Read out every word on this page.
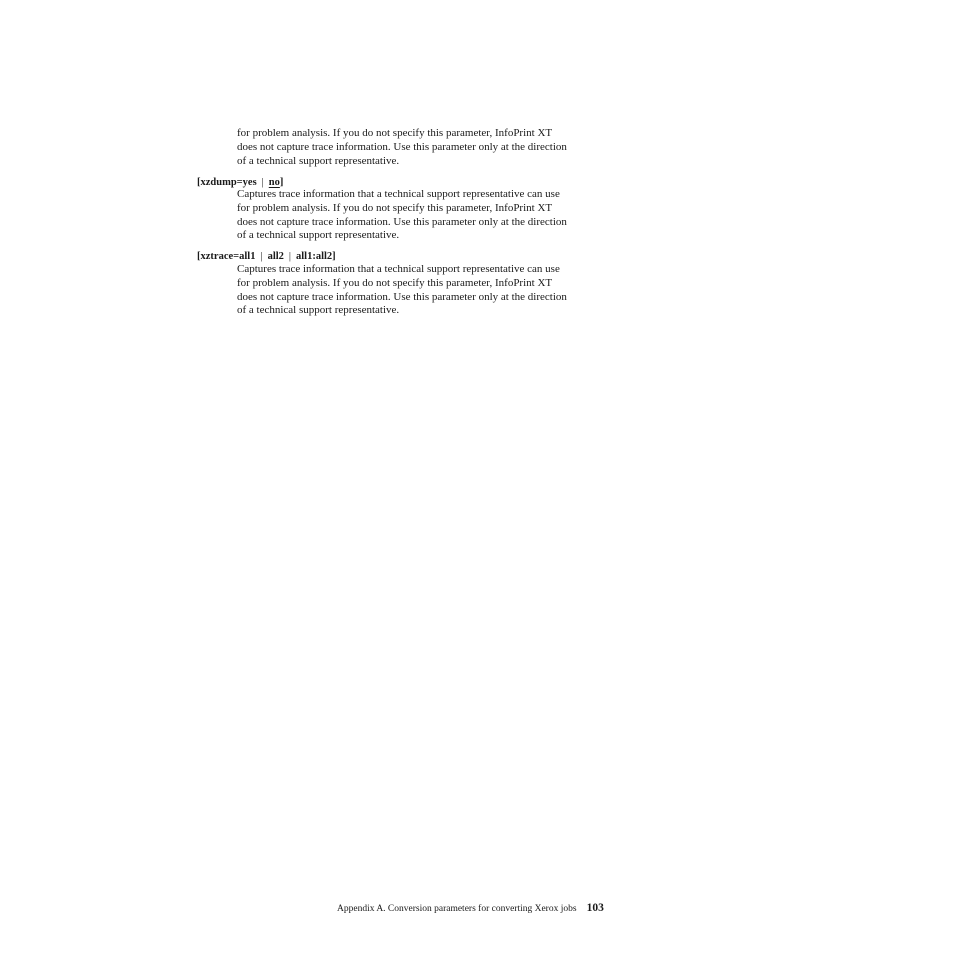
for problem analysis. If you do not specify this parameter, InfoPrint XT
does not capture trace information. Use this parameter only at the direction
of a technical support representative.
[xzdump=yes | no]
Captures trace information that a technical support representative can use
for problem analysis. If you do not specify this parameter, InfoPrint XT
does not capture trace information. Use this parameter only at the direction
of a technical support representative.
[xztrace=all1 | all2 | all1:all2]
Captures trace information that a technical support representative can use
for problem analysis. If you do not specify this parameter, InfoPrint XT
does not capture trace information. Use this parameter only at the direction
of a technical support representative.
Appendix A. Conversion parameters for converting Xerox jobs 103
